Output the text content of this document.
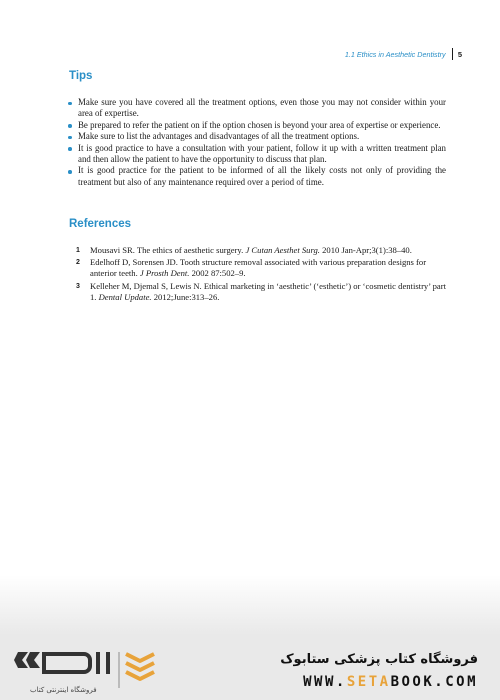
1.1 Ethics in Aesthetic Dentistry 5
Tips
Make sure you have covered all the treatment options, even those you may not consider within your area of expertise.
Be prepared to refer the patient on if the option chosen is beyond your area of expertise or experience.
Make sure to list the advantages and disadvantages of all the treatment options.
It is good practice to have a consultation with your patient, follow it up with a written treatment plan and then allow the patient to have the opportunity to discuss that plan.
It is good practice for the patient to be informed of all the likely costs not only of providing the treatment but also of any maintenance required over a period of time.
References
1 Mousavi SR. The ethics of aesthetic surgery. J Cutan Aesthet Surg. 2010 Jan-Apr;3(1):38–40.
2 Edelhoff D, Sorensen JD. Tooth structure removal associated with various preparation designs for anterior teeth. J Prosth Dent. 2002 87:502–9.
3 Kelleher M, Djemal S, Lewis N. Ethical marketing in ‘aesthetic’ (‘esthetic’) or ‘cosmetic dentistry’ part 1. Dental Update. 2012;June:313–26.
فروشگاه اینترنتی کتاب
فروشگاه کتاب پزشکی ستابوک
WWW.SETABOOK.COM
